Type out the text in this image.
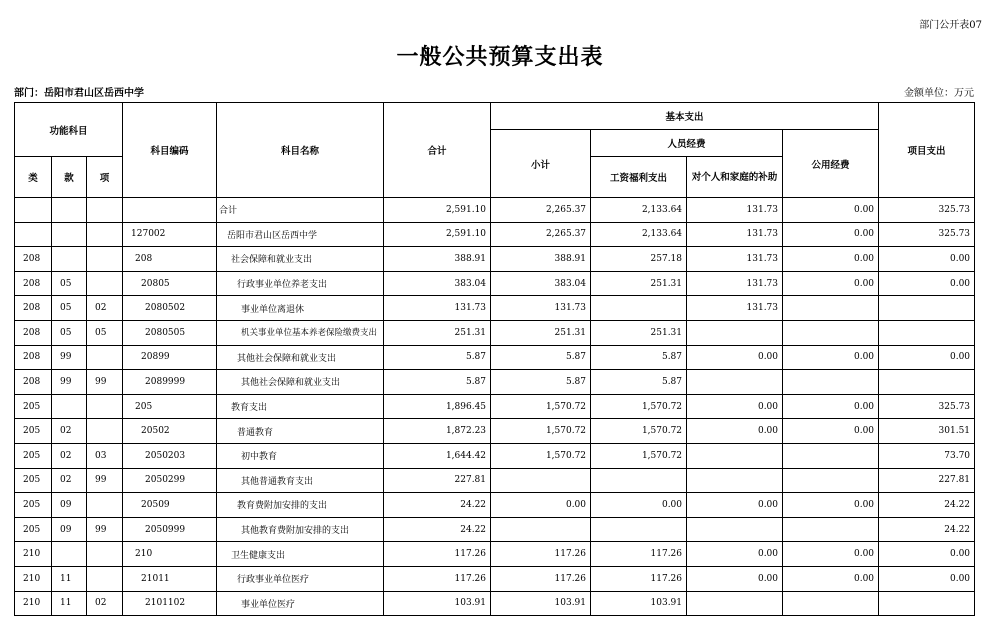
部门公开表07
一般公共预算支出表
部门：岳阳市君山区岳西中学	金额单位：万元
功能科目			科目编码	科目名称	合计	基本支出				项目支出
						小计	人员经费		公用经费	
类	款	项					工资福利支出	对个人和家庭的补助		
				合计	2,591.10	2,265.37	2,133.64	131.73	0.00	325.73
			127002	岳阳市君山区岳西中学	2,591.10	2,265.37	2,133.64	131.73	0.00	325.73
208			208	社会保障和就业支出	388.91	388.91	257.18	131.73	0.00	0.00
208	05		20805	行政事业单位养老支出	383.04	383.04	251.31	131.73	0.00	0.00
208	05	02	2080502	事业单位离退休	131.73	131.73		131.73		
208	05	05	2080505	机关事业单位基本养老保险缴费支出	251.31	251.31	251.31			
208	99		20899	其他社会保障和就业支出	5.87	5.87	5.87	0.00	0.00	0.00
208	99	99	2089999	其他社会保障和就业支出	5.87	5.87	5.87			
205			205	教育支出	1,896.45	1,570.72	1,570.72	0.00	0.00	325.73
205	02		20502	普通教育	1,872.23	1,570.72	1,570.72	0.00	0.00	301.51
205	02	03	2050203	初中教育	1,644.42	1,570.72	1,570.72			73.70
205	02	99	2050299	其他普通教育支出	227.81					227.81
205	09		20509	教育费附加安排的支出	24.22	0.00	0.00	0.00	0.00	24.22
205	09	99	2050999	其他教育费附加安排的支出	24.22					24.22
210			210	卫生健康支出	117.26	117.26	117.26	0.00	0.00	0.00
210	11		21011	行政事业单位医疗	117.26	117.26	117.26	0.00	0.00	0.00
210	11	02	2101102	事业单位医疗	103.91	103.91	103.91			
